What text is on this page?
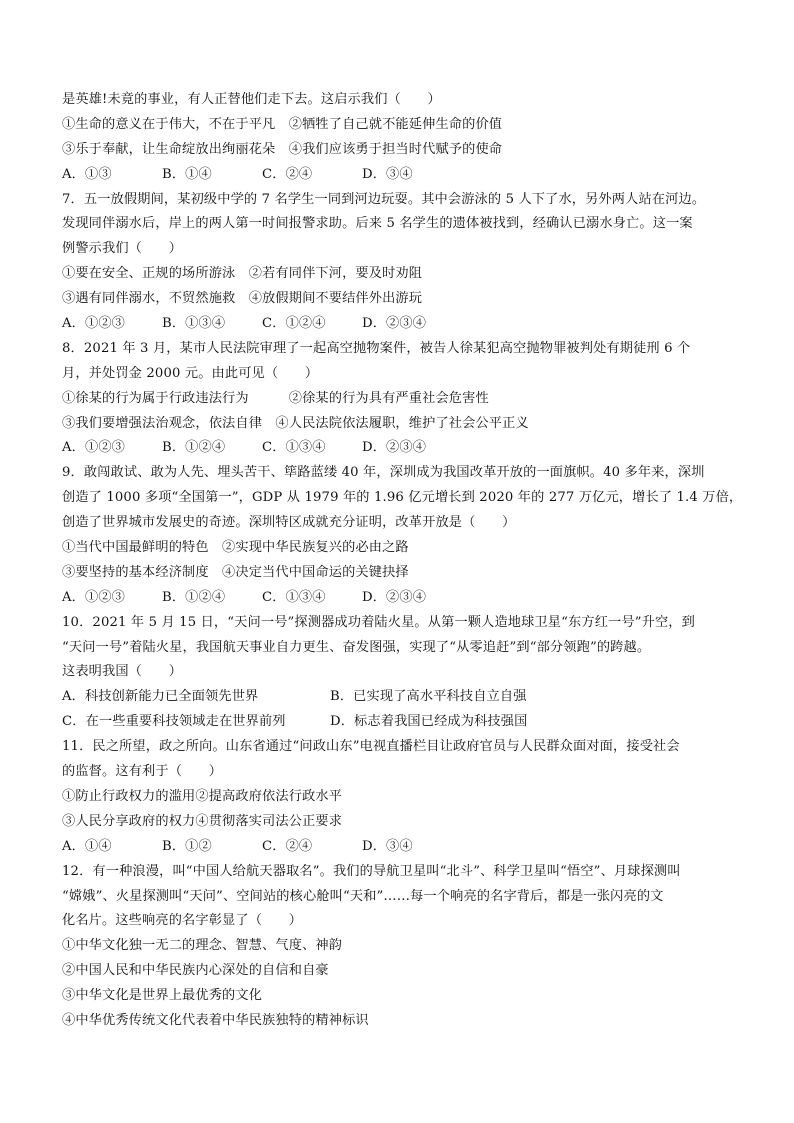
是英雄!未竟的事业，有人正替他们走下去。这启示我们（　　）
①生命的意义在于伟大，不在于平凡　②牺牲了自己就不能延伸生命的价值
③乐于奉献，让生命绽放出绚丽花朵　④我们应该勇于担当时代赋予的使命
A．①③	B．①④	C．②④	D．③④
7．五一放假期间，某初级中学的 7 名学生一同到河边玩耍。其中会游泳的 5 人下了水，另外两人站在河边。
发现同伴溺水后，岸上的两人第一时间报警求助。后来 5 名学生的遗体被找到，经确认已溺水身亡。这一案
例警示我们（　　）
①要在安全、正规的场所游泳　②若有同伴下河，要及时劝阻
③遇有同伴溺水，不贸然施救　④放假期间不要结伴外出游玩
A．①②③	B．①③④	C．①②④	D．②③④
8．2021 年 3 月，某市人民法院审理了一起高空抛物案件，被告人徐某犯高空抛物罪被判处有期徒刑 6 个
月，并处罚金 2000 元。由此可见（　　）
①徐某的行为属于行政违法行为　　　②徐某的行为具有严重社会危害性
③我们要增强法治观念，依法自律　④人民法院依法履职，维护了社会公平正义
A．①②③	B．①②④	C．①③④	D．②③④
9．敢闯敢试、敢为人先、埋头苦干、筚路蓝缕 40 年，深圳成为我国改革开放的一面旗帜。40 多年来，深圳
创造了 1000 多项“全国第一”，GDP 从 1979 年的 1.96 亿元增长到 2020 年的 277 万亿元，增长了 1.4 万倍，
创造了世界城市发展史的奇迹。深圳特区成就充分证明，改革开放是（　　）
①当代中国最鲜明的特色　②实现中华民族复兴的必由之路
③要坚持的基本经济制度　④决定当代中国命运的关键抉择
A．①②③	B．①②④	C．①③④	D．②③④
10．2021 年 5 月 15 日，“天问一号”探测器成功着陆火星。从第一颗人造地球卫星“东方红一号”升空，到
“天问一号”着陆火星，我国航天事业自力更生、奋发图强，实现了“从零追赶”到“部分领跑”的跨越。
这表明我国（　　）
A．科技创新能力已全面领先世界	B．已实现了高水平科技自立自强
C．在一些重要科技领域走在世界前列	D．标志着我国已经成为科技强国
11．民之所望，政之所向。山东省通过“问政山东”电视直播栏目让政府官员与人民群众面对面，接受社会
的监督。这有利于（　　）
①防止行政权力的滥用②提高政府依法行政水平
③人民分享政府的权力④贯彻落实司法公正要求
A．①④	B．①②	C．②④	D．③④
12．有一种浪漫，叫“中国人给航天器取名”。我们的导航卫星叫“北斗”、科学卫星叫“悟空”、月球探测叫
“嫦娥”、火星探测叫“天问”、空间站的核心舱叫“天和”……每一个响亮的名字背后，都是一张闪亮的文
化名片。这些响亮的名字彰显了（　　）
①中华文化独一无二的理念、智慧、气度、神韵
②中国人民和中华民族内心深处的自信和自豪
③中华文化是世界上最优秀的文化
④中华优秀传统文化代表着中华民族独特的精神标识
